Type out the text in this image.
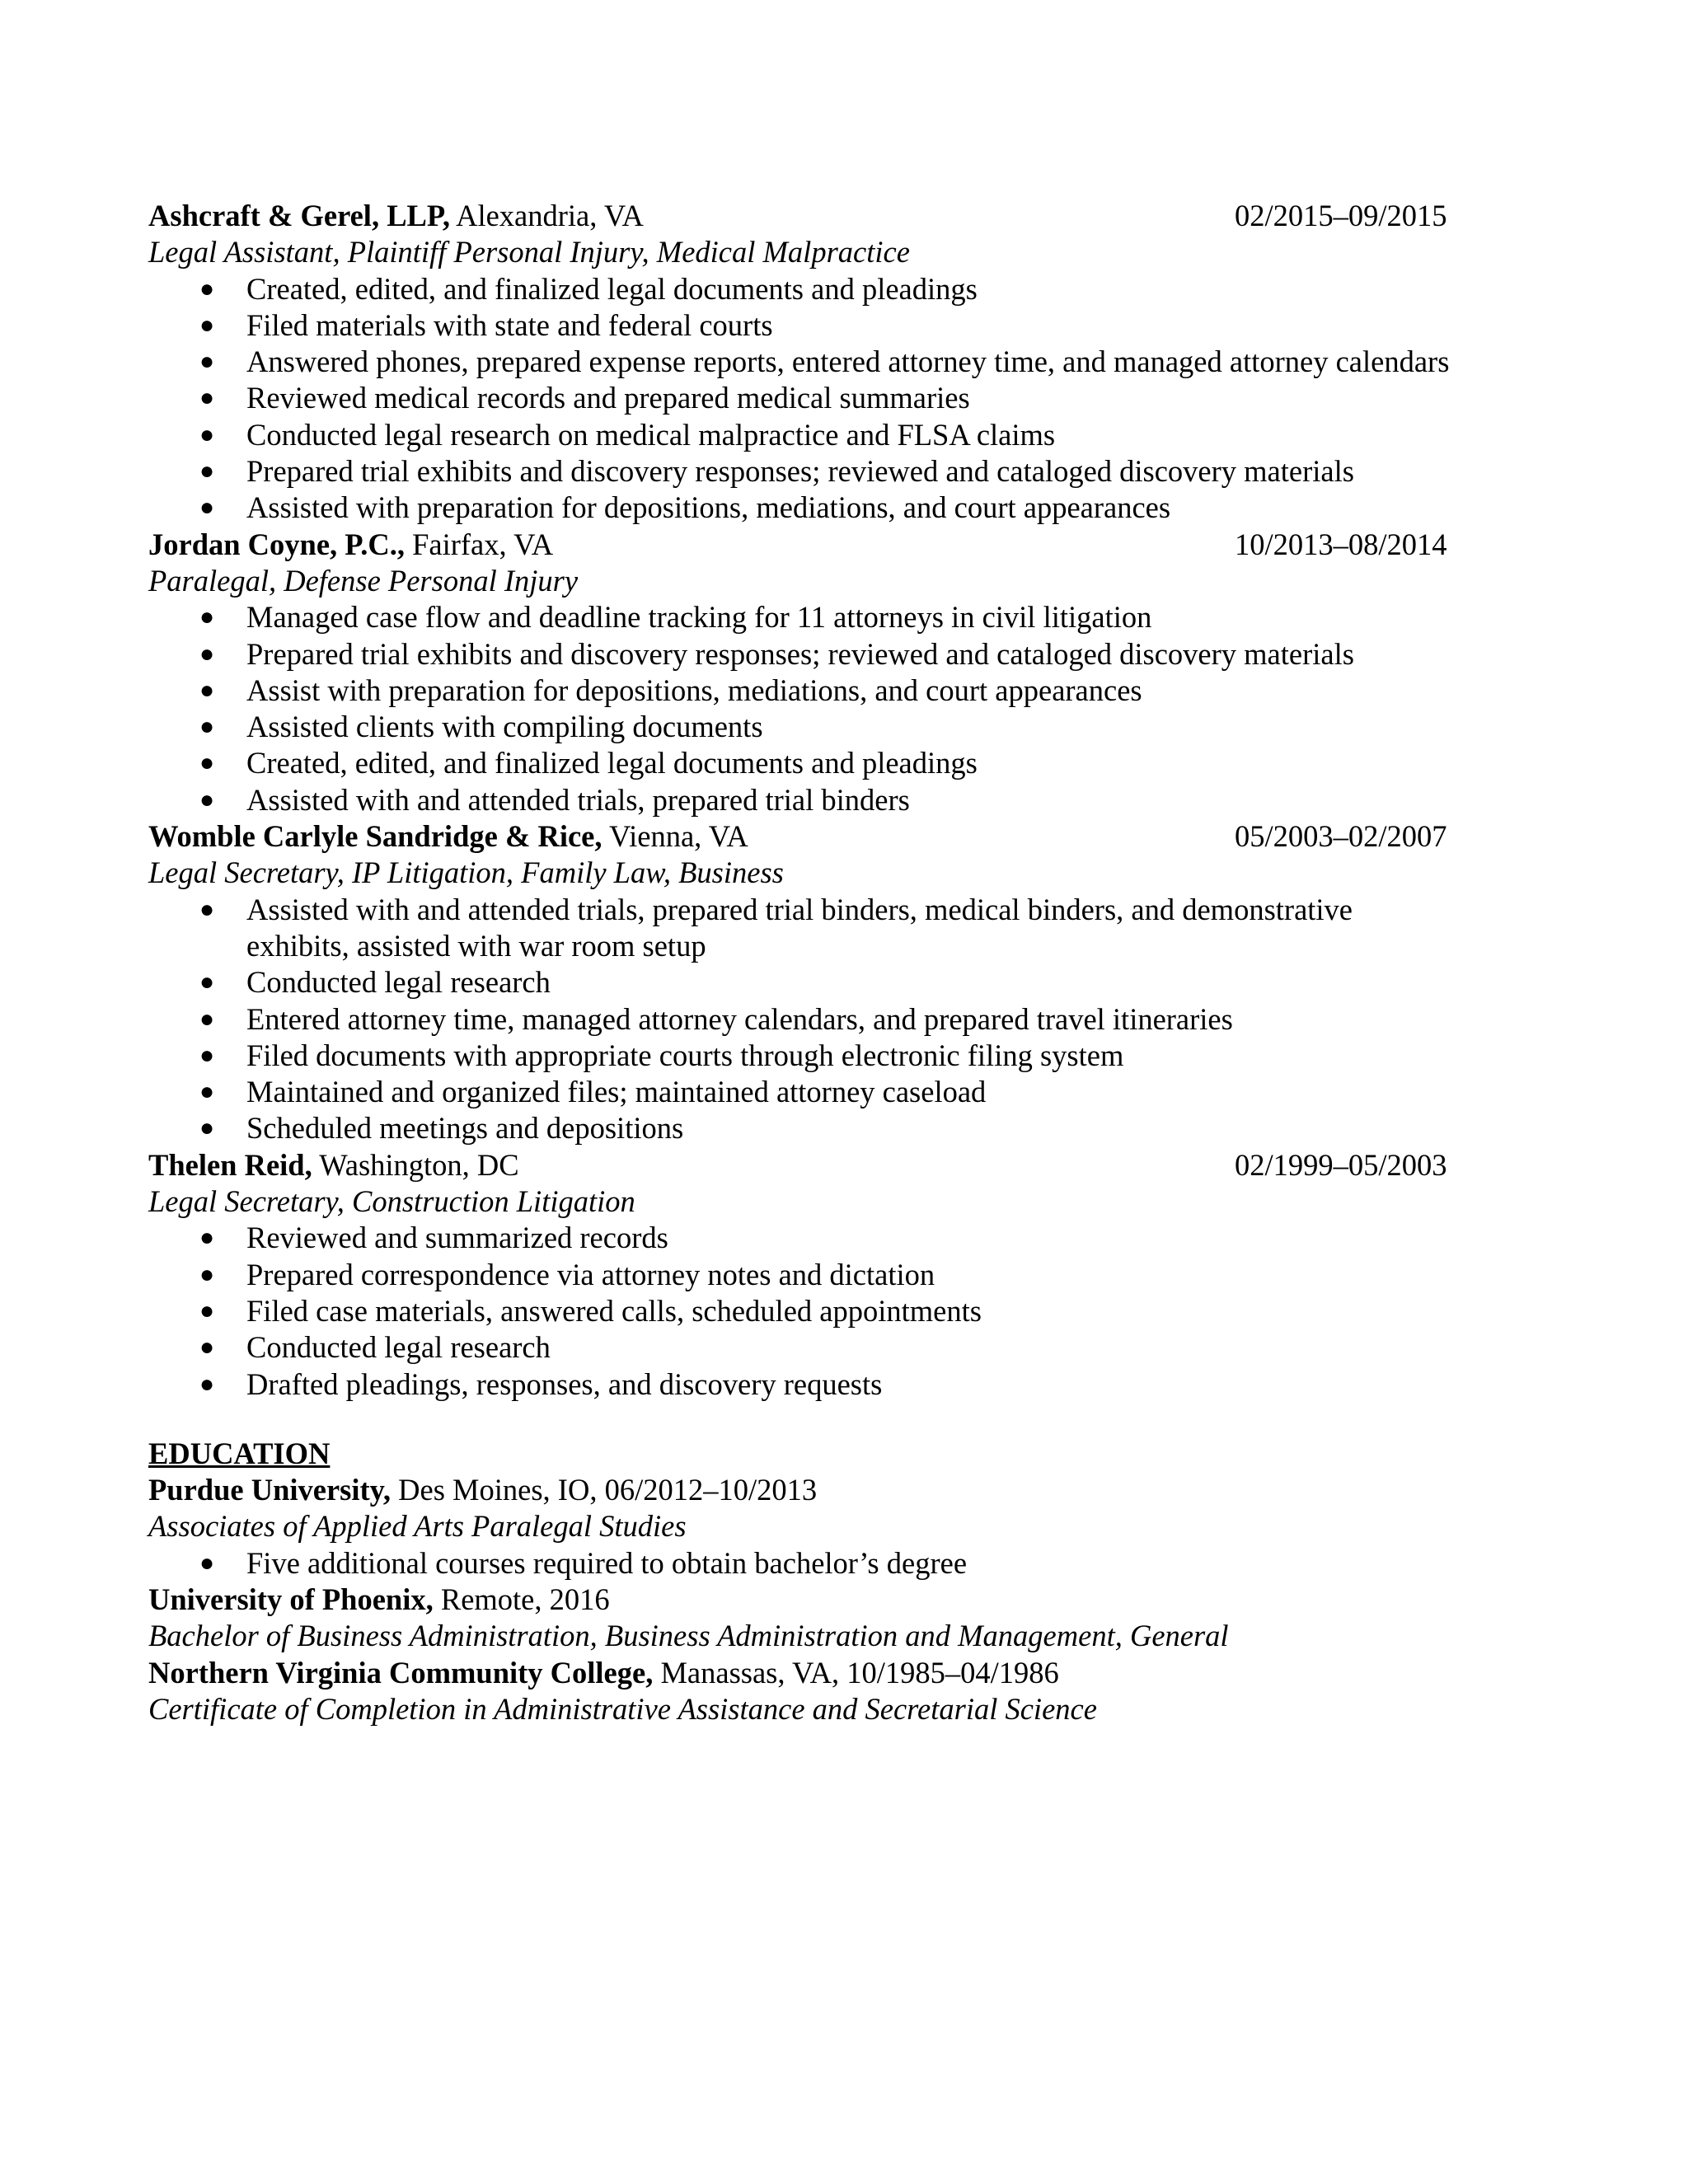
Ashcraft & Gerel, LLP, Alexandria, VA	02/2015–09/2015
Legal Assistant, Plaintiff Personal Injury, Medical Malpractice
● Created, edited, and finalized legal documents and pleadings
● Filed materials with state and federal courts
● Answered phones, prepared expense reports, entered attorney time, and managed attorney calendars
● Reviewed medical records and prepared medical summaries
● Conducted legal research on medical malpractice and FLSA claims
● Prepared trial exhibits and discovery responses; reviewed and cataloged discovery materials
● Assisted with preparation for depositions, mediations, and court appearances
Jordan Coyne, P.C., Fairfax, VA	10/2013–08/2014
Paralegal, Defense Personal Injury
● Managed case flow and deadline tracking for 11 attorneys in civil litigation
● Prepared trial exhibits and discovery responses; reviewed and cataloged discovery materials
● Assist with preparation for depositions, mediations, and court appearances
● Assisted clients with compiling documents
● Created, edited, and finalized legal documents and pleadings
● Assisted with and attended trials, prepared trial binders
Womble Carlyle Sandridge & Rice, Vienna, VA	05/2003–02/2007
Legal Secretary, IP Litigation, Family Law, Business
● Assisted with and attended trials, prepared trial binders, medical binders, and demonstrative exhibits, assisted with war room setup
● Conducted legal research
● Entered attorney time, managed attorney calendars, and prepared travel itineraries
● Filed documents with appropriate courts through electronic filing system
● Maintained and organized files; maintained attorney caseload
● Scheduled meetings and depositions
Thelen Reid, Washington, DC	02/1999–05/2003
Legal Secretary, Construction Litigation
● Reviewed and summarized records
● Prepared correspondence via attorney notes and dictation
● Filed case materials, answered calls, scheduled appointments
● Conducted legal research
● Drafted pleadings, responses, and discovery requests
EDUCATION
Purdue University, Des Moines, IO, 06/2012–10/2013
Associates of Applied Arts Paralegal Studies
● Five additional courses required to obtain bachelor’s degree
University of Phoenix, Remote, 2016
Bachelor of Business Administration, Business Administration and Management, General
Northern Virginia Community College, Manassas, VA, 10/1985–04/1986
Certificate of Completion in Administrative Assistance and Secretarial Science
